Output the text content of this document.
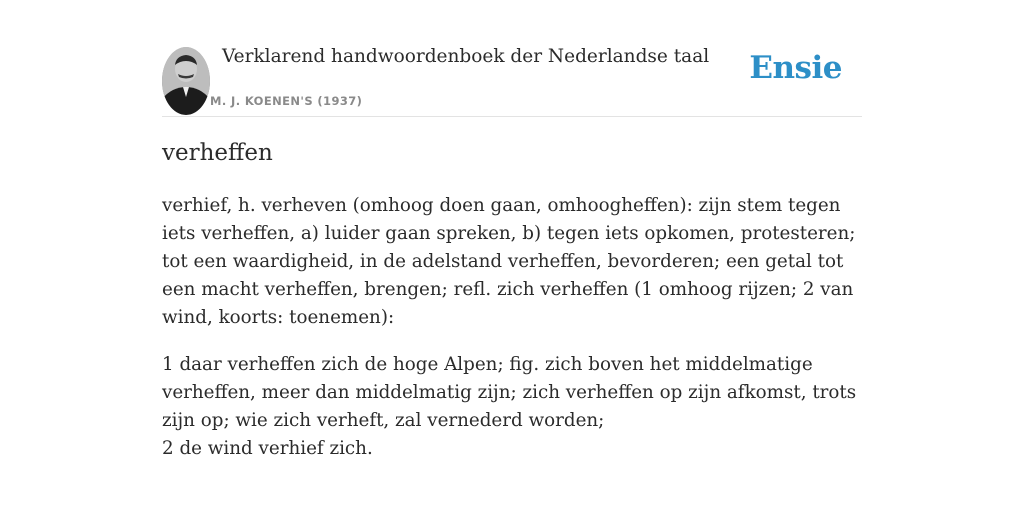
Verklarend handwoordenboek der Nederlandse taal
M. J. KOENEN'S (1937)
Ensie
verheffen

verhief, h. verheven (omhoog doen gaan, omhoogheffen): zijn stem tegen iets verheffen, a) luider gaan spreken, b) tegen iets opkomen, protesteren; tot een waardigheid, in de adelstand verheffen, bevorderen; een getal tot een macht verheffen, brengen; refl. zich verheffen (1 omhoog rijzen; 2 van wind, koorts: toenemen):

1 daar verheffen zich de hoge Alpen; fig. zich boven het middelmatige verheffen, meer dan middelmatig zijn; zich verheffen op zijn afkomst, trots zijn op; wie zich verheft, zal vernederd worden;
2 de wind verhief zich.
